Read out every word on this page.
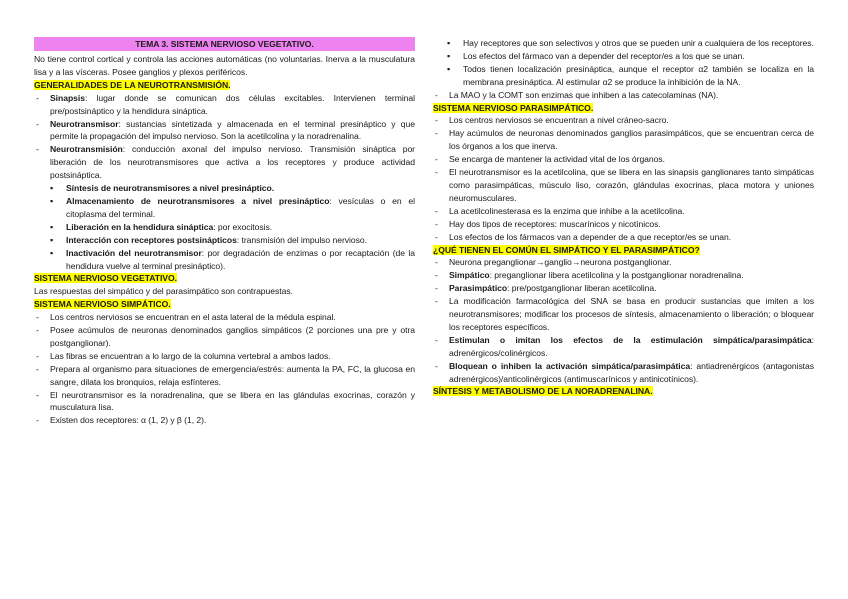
TEMA 3. SISTEMA NERVIOSO VEGETATIVO.

No tiene control cortical y controla las acciones automáticas (no voluntarias. Inerva a la musculatura lisa y a las vísceras. Posee ganglios y plexos periféricos.

GENERALIDADES DE LA NEUROTRANSMISIÓN.
- Sinapsis: lugar donde se comunican dos células excitables. Intervienen terminal pre/postsináptico y la hendidura sináptica.
- Neurotransmisor: sustancias sintetizada y almacenada en el terminal presináptico y que permite la propagación del impulso nervioso. Son la acetilcolina y la noradrenalina.
- Neurotransmisión: conducción axonal del impulso nervioso. Transmisión sináptica por liberación de los neurotransmisores que activa a los receptores y produce actividad postsináptica.
▪ Síntesis de neurotransmisores a nivel presináptico.
▪ Almacenamiento de neurotransmisores a nivel presináptico: vesículas o en el citoplasma del terminal.
▪ Liberación en la hendidura sináptica: por exocitosis.
▪ Interacción con receptores postsinápticos: transmisión del impulso nervioso.
▪ Inactivación del neurotransmisor: por degradación de enzimas o por recaptación (de la hendidura vuelve al terminal presináptico).
SISTEMA NERVIOSO VEGETATIVO.

Las respuestas del simpático y del parasimpático son contrapuestas.

SISTEMA NERVIOSO SIMPÁTICO.
- Los centros nerviosos se encuentran en el asta lateral de la médula espinal.
- Posee acúmulos de neuronas denominados ganglios simpáticos (2 porciones una pre y otra postganglionar).
- Las fibras se encuentran a lo largo de la columna vertebral a ambos lados.
- Prepara al organismo para situaciones de emergencia/estrés: aumenta la PA, FC, la glucosa en sangre, dilata los bronquios, relaja esfínteres.
- El neurotransmisor es la noradrenalina, que se libera en las glándulas exocrinas, corazón y musculatura lisa.
- Existen dos receptores: α (1, 2) y β (1, 2).
▪ Hay receptores que son selectivos y otros que se pueden unir a cualquiera de los receptores.
▪ Los efectos del fármaco van a depender del receptor/es a los que se unan.
▪ Todos tienen localización presináptica, aunque el receptor α2 también se localiza en la membrana presináptica. Al estimular α2 se produce la inhibición de la NA.
- La MAO y la COMT son enzimas que inhiben a las catecolaminas (NA).
SISTEMA NERVIOSO PARASIMPÁTICO.
- Los centros nerviosos se encuentran a nivel cráneo-sacro.
- Hay acúmulos de neuronas denominados ganglios parasimpáticos, que se encuentran cerca de los órganos a los que inerva.
- Se encarga de mantener la actividad vital de los órganos.
- El neurotransmisor es la acetilcolina, que se libera en las sinapsis ganglionares tanto simpáticas como parasimpáticas, músculo liso, corazón, glándulas exocrinas, placa motora y uniones neuromusculares.
- La acetilcolinesterasa es la enzima que inhibe a la acetilcolina.
- Hay dos tipos de receptores: muscarínicos y nicotínicos.
- Los efectos de los fármacos van a depender de a que receptor/es se unan.
¿QUÉ TIENEN EL COMÚN EL SIMPÁTICO Y EL PARASIMPÁTICO?
- Neurona preganglionar→ganglio→neurona postganglionar.
- Simpático: preganglionar libera acetilcolina y la postganglionar noradrenalina.
- Parasimpático: pre/postganglionar liberan acetilcolina.
- La modificación farmacológica del SNA se basa en producir sustancias que imiten a los neurotransmisores; modificar los procesos de síntesis, almacenamiento o liberación; o bloquear los receptores específicos.
- Estimulan o imitan los efectos de la estimulación simpática/parasimpática: adrenérgicos/colinérgicos.
- Bloquean o inhiben la activación simpática/parasimpática: antiadrenérgicos (antagonistas adrenérgicos)/anticolinérgicos (antimuscarínicos y antinicotínicos).
SÍNTESIS Y METABOLISMO DE LA NORADRENALINA.
